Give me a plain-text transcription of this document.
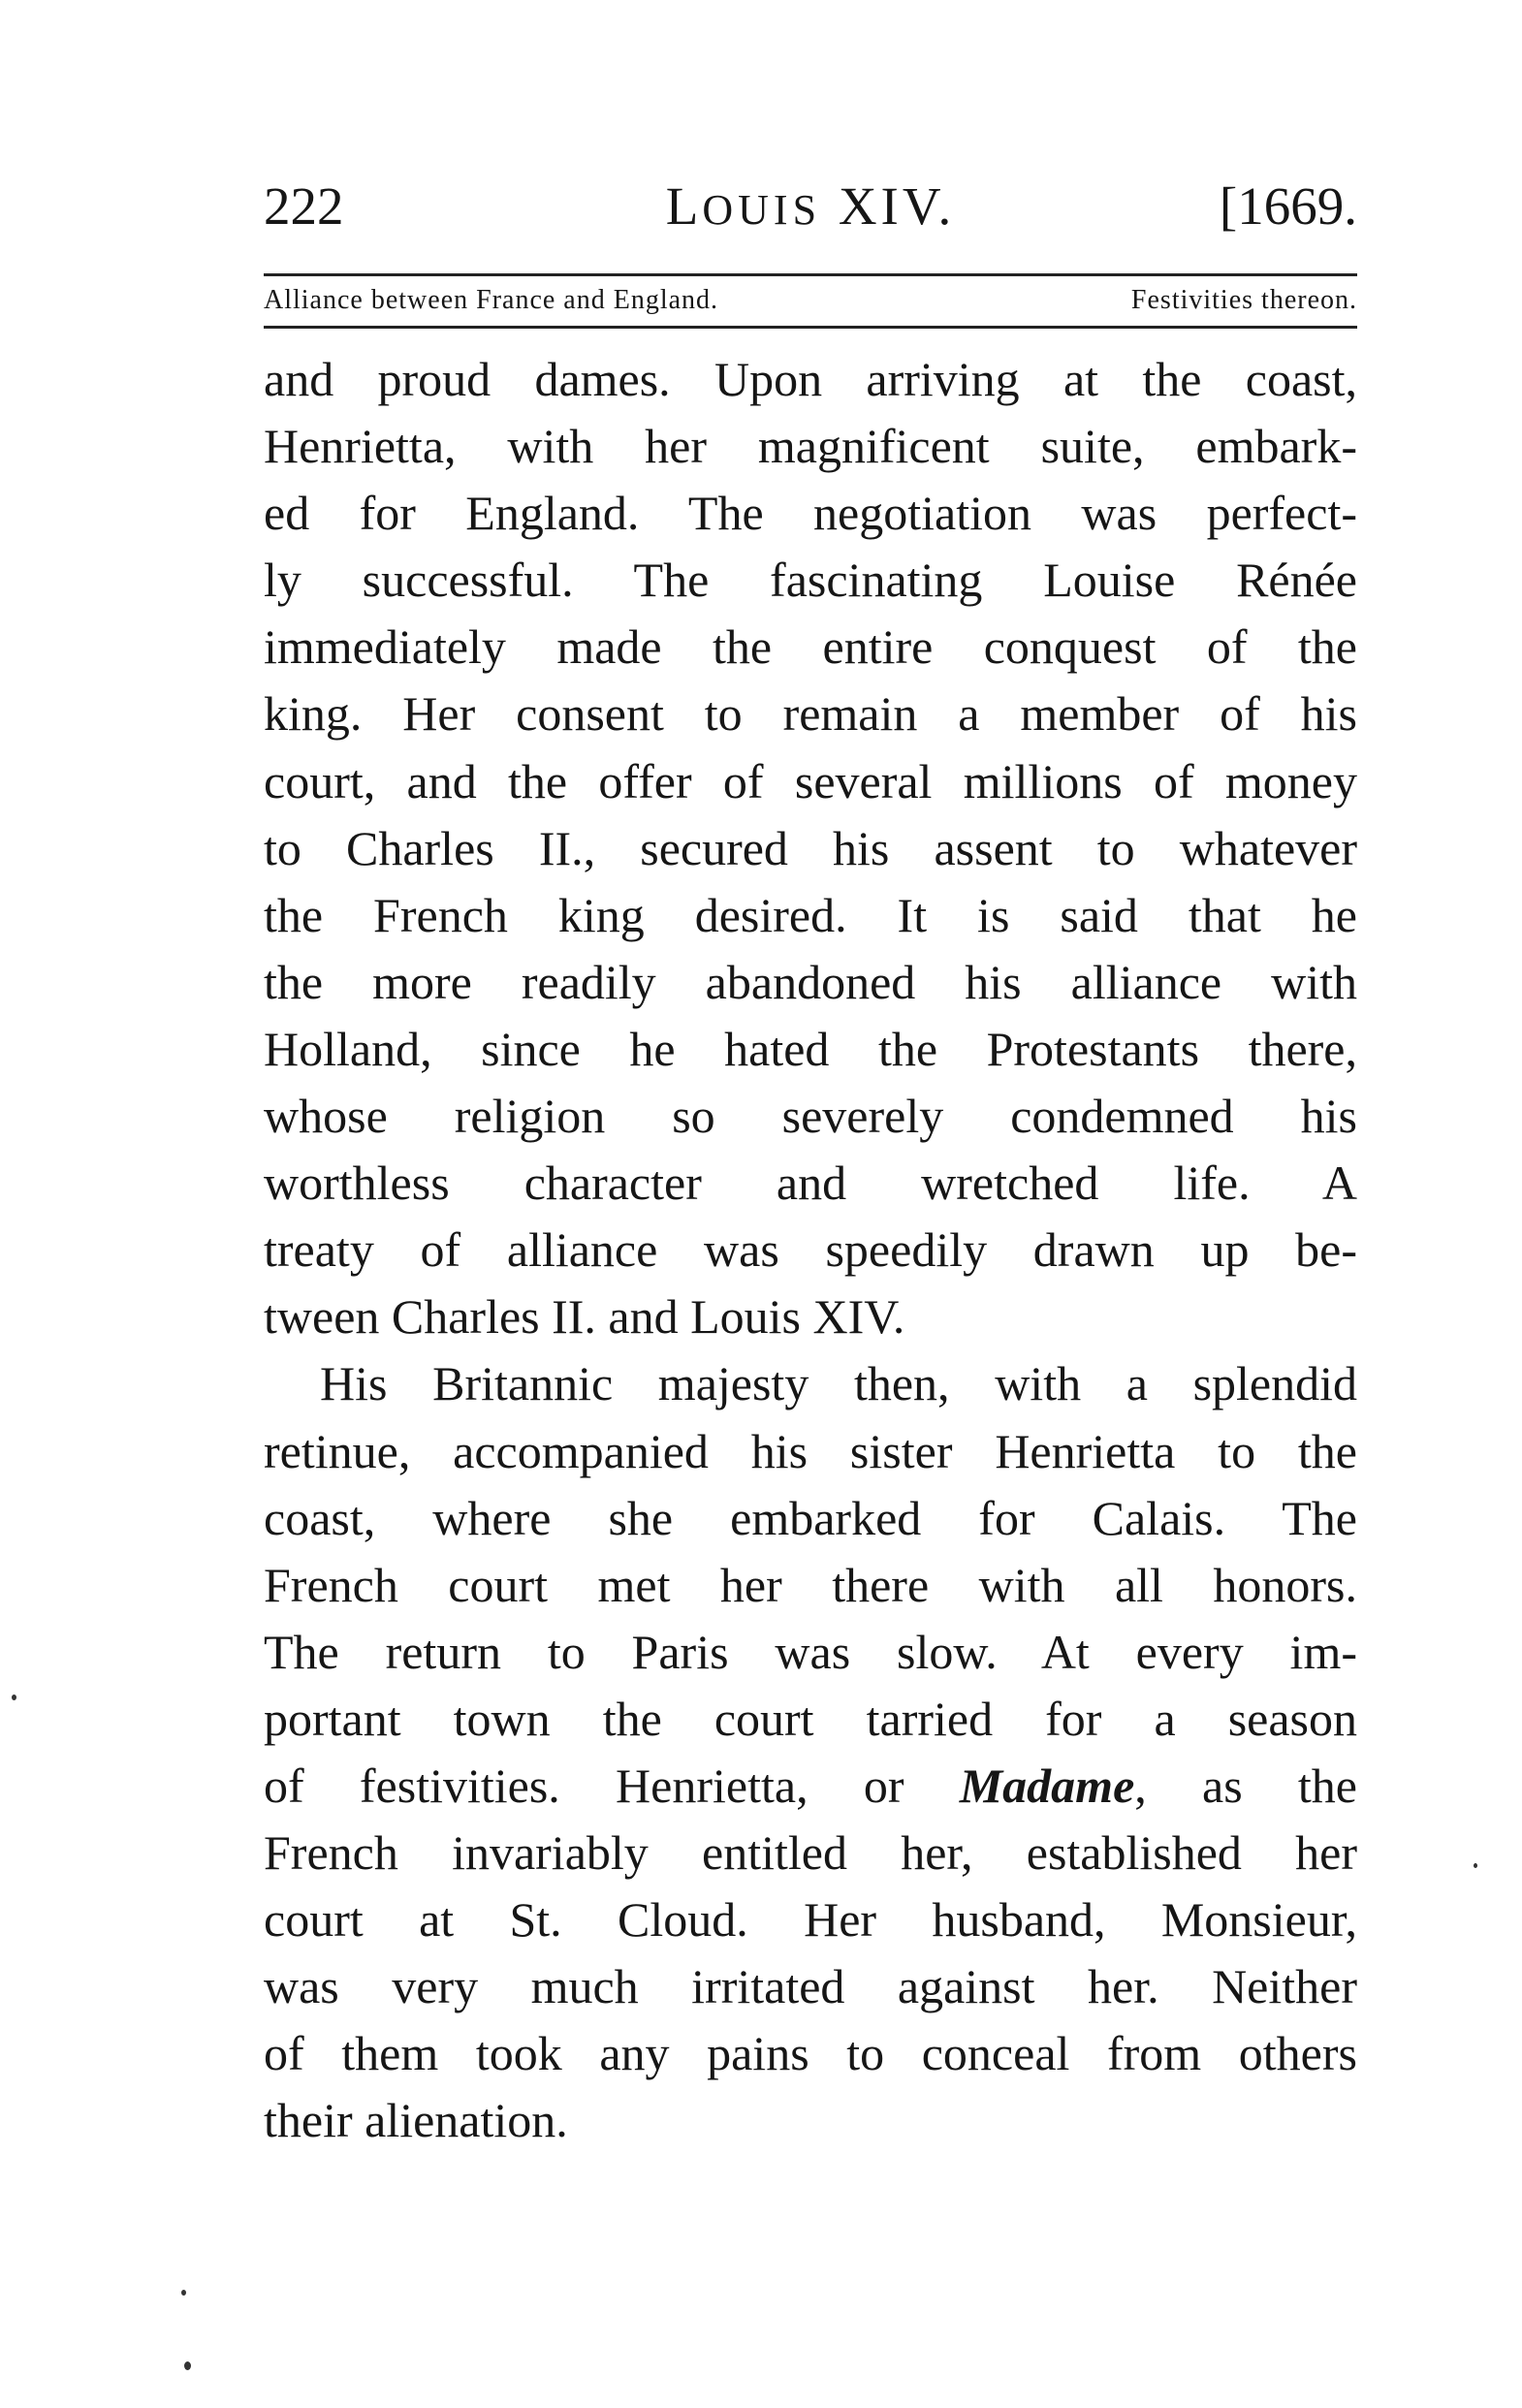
222	LOUIS XIV.	[1669.
Alliance between France and England.	Festivities thereon.
and proud dames. Upon arriving at the coast,
Henrietta, with her magnificent suite, embark-
ed for England. The negotiation was perfect-
ly successful. The fascinating Louise Rénée
immediately made the entire conquest of the
king. Her consent to remain a member of his
court, and the offer of several millions of money
to Charles II., secured his assent to whatever
the French king desired. It is said that he
the more readily abandoned his alliance with
Holland, since he hated the Protestants there,
whose religion so severely condemned his
worthless character and wretched life. A
treaty of alliance was speedily drawn up be-
tween Charles II. and Louis XIV.
His Britannic majesty then, with a splendid
retinue, accompanied his sister Henrietta to the
coast, where she embarked for Calais. The
French court met her there with all honors.
The return to Paris was slow. At every im-
portant town the court tarried for a season
of festivities. Henrietta, or Madame, as the
French invariably entitled her, established her
court at St. Cloud. Her husband, Monsieur,
was very much irritated against her. Neither
of them took any pains to conceal from others
their alienation.
